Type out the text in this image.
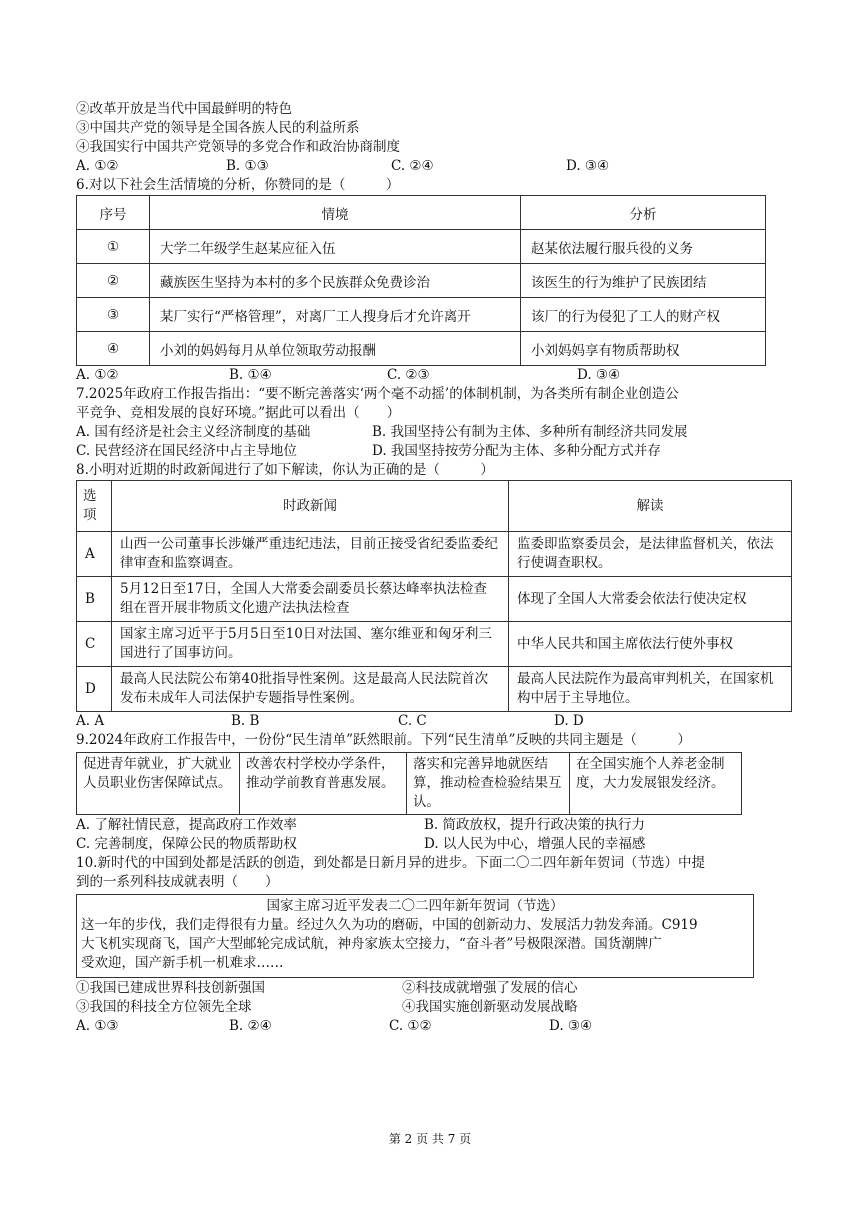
②改革开放是当代中国最鲜明的特色
③中国共产党的领导是全国各族人民的利益所系
④我国实行中国共产党领导的多党合作和政治协商制度
A. ①②	B. ①③	C. ②④	D. ③④
6.对以下社会生活情境的分析，你赞同的是（　　　）
序号	情境	分析
①	大学二年级学生赵某应征入伍	赵某依法履行服兵役的义务
②	藏族医生坚持为本村的多个民族群众免费诊治	该医生的行为维护了民族团结
③	某厂实行“严格管理”，对离厂工人搜身后才允许离开	该厂的行为侵犯了工人的财产权
④	小刘的妈妈每月从单位领取劳动报酬	小刘妈妈享有物质帮助权
A. ①②	B. ①④	C. ②③	D. ③④
7.2025年政府工作报告指出：“要不断完善落实‘两个毫不动摇’的体制机制，为各类所有制企业创造公
平竞争、竞相发展的良好环境。”据此可以看出（　　）
A. 国有经济是社会主义经济制度的基础	B. 我国坚持公有制为主体、多种所有制经济共同发展
C. 民营经济在国民经济中占主导地位	D. 我国坚持按劳分配为主体、多种分配方式并存
8.小明对近期的时政新闻进行了如下解读，你认为正确的是（　　　）
选项	时政新闻	解读
A	山西一公司董事长涉嫌严重违纪违法，目前正接受省纪委监委纪律审查和监察调查。	监委即监察委员会，是法律监督机关，依法行使调查职权。
B	5月12日至17日，全国人大常委会副委员长蔡达峰率执法检查组在晋开展非物质文化遗产法执法检查	体现了全国人大常委会依法行使决定权
C	国家主席习近平于5月5日至10日对法国、塞尔维亚和匈牙利三国进行了国事访问。	中华人民共和国主席依法行使外事权
D	最高人民法院公布第40批指导性案例。这是最高人民法院首次发布未成年人司法保护专题指导性案例。	最高人民法院作为最高审判机关，在国家机构中居于主导地位。
A. A	B. B	C. C	D. D
9.2024年政府工作报告中，一份份“民生清单”跃然眼前。下列“民生清单”反映的共同主题是（　　　）
促进青年就业，扩大就业人员职业伤害保障试点。	改善农村学校办学条件，推动学前教育普惠发展。	落实和完善异地就医结算，推动检查检验结果互认。	在全国实施个人养老金制度，大力发展银发经济。
A. 了解社情民意，提高政府工作效率	B. 简政放权，提升行政决策的执行力
C. 完善制度，保障公民的物质帮助权	D. 以人民为中心，增强人民的幸福感
10.新时代的中国到处都是活跃的创造，到处都是日新月异的进步。下面二〇二四年新年贺词（节选）中提
到的一系列科技成就表明（　　）
国家主席习近平发表二〇二四年新年贺词（节选）
这一年的步伐，我们走得很有力量。经过久久为功的磨砺，中国的创新动力、发展活力勃发奔涌。C919
大飞机实现商飞，国产大型邮轮完成试航，神舟家族太空接力，“奋斗者”号极限深潜。国货潮牌广
受欢迎，国产新手机一机难求……
①我国已建成世界科技创新强国	②科技成就增强了发展的信心
③我国的科技全方位领先全球	④我国实施创新驱动发展战略
A. ①③	B. ②④	C. ①②	D. ③④
第 2 页 共 7 页
